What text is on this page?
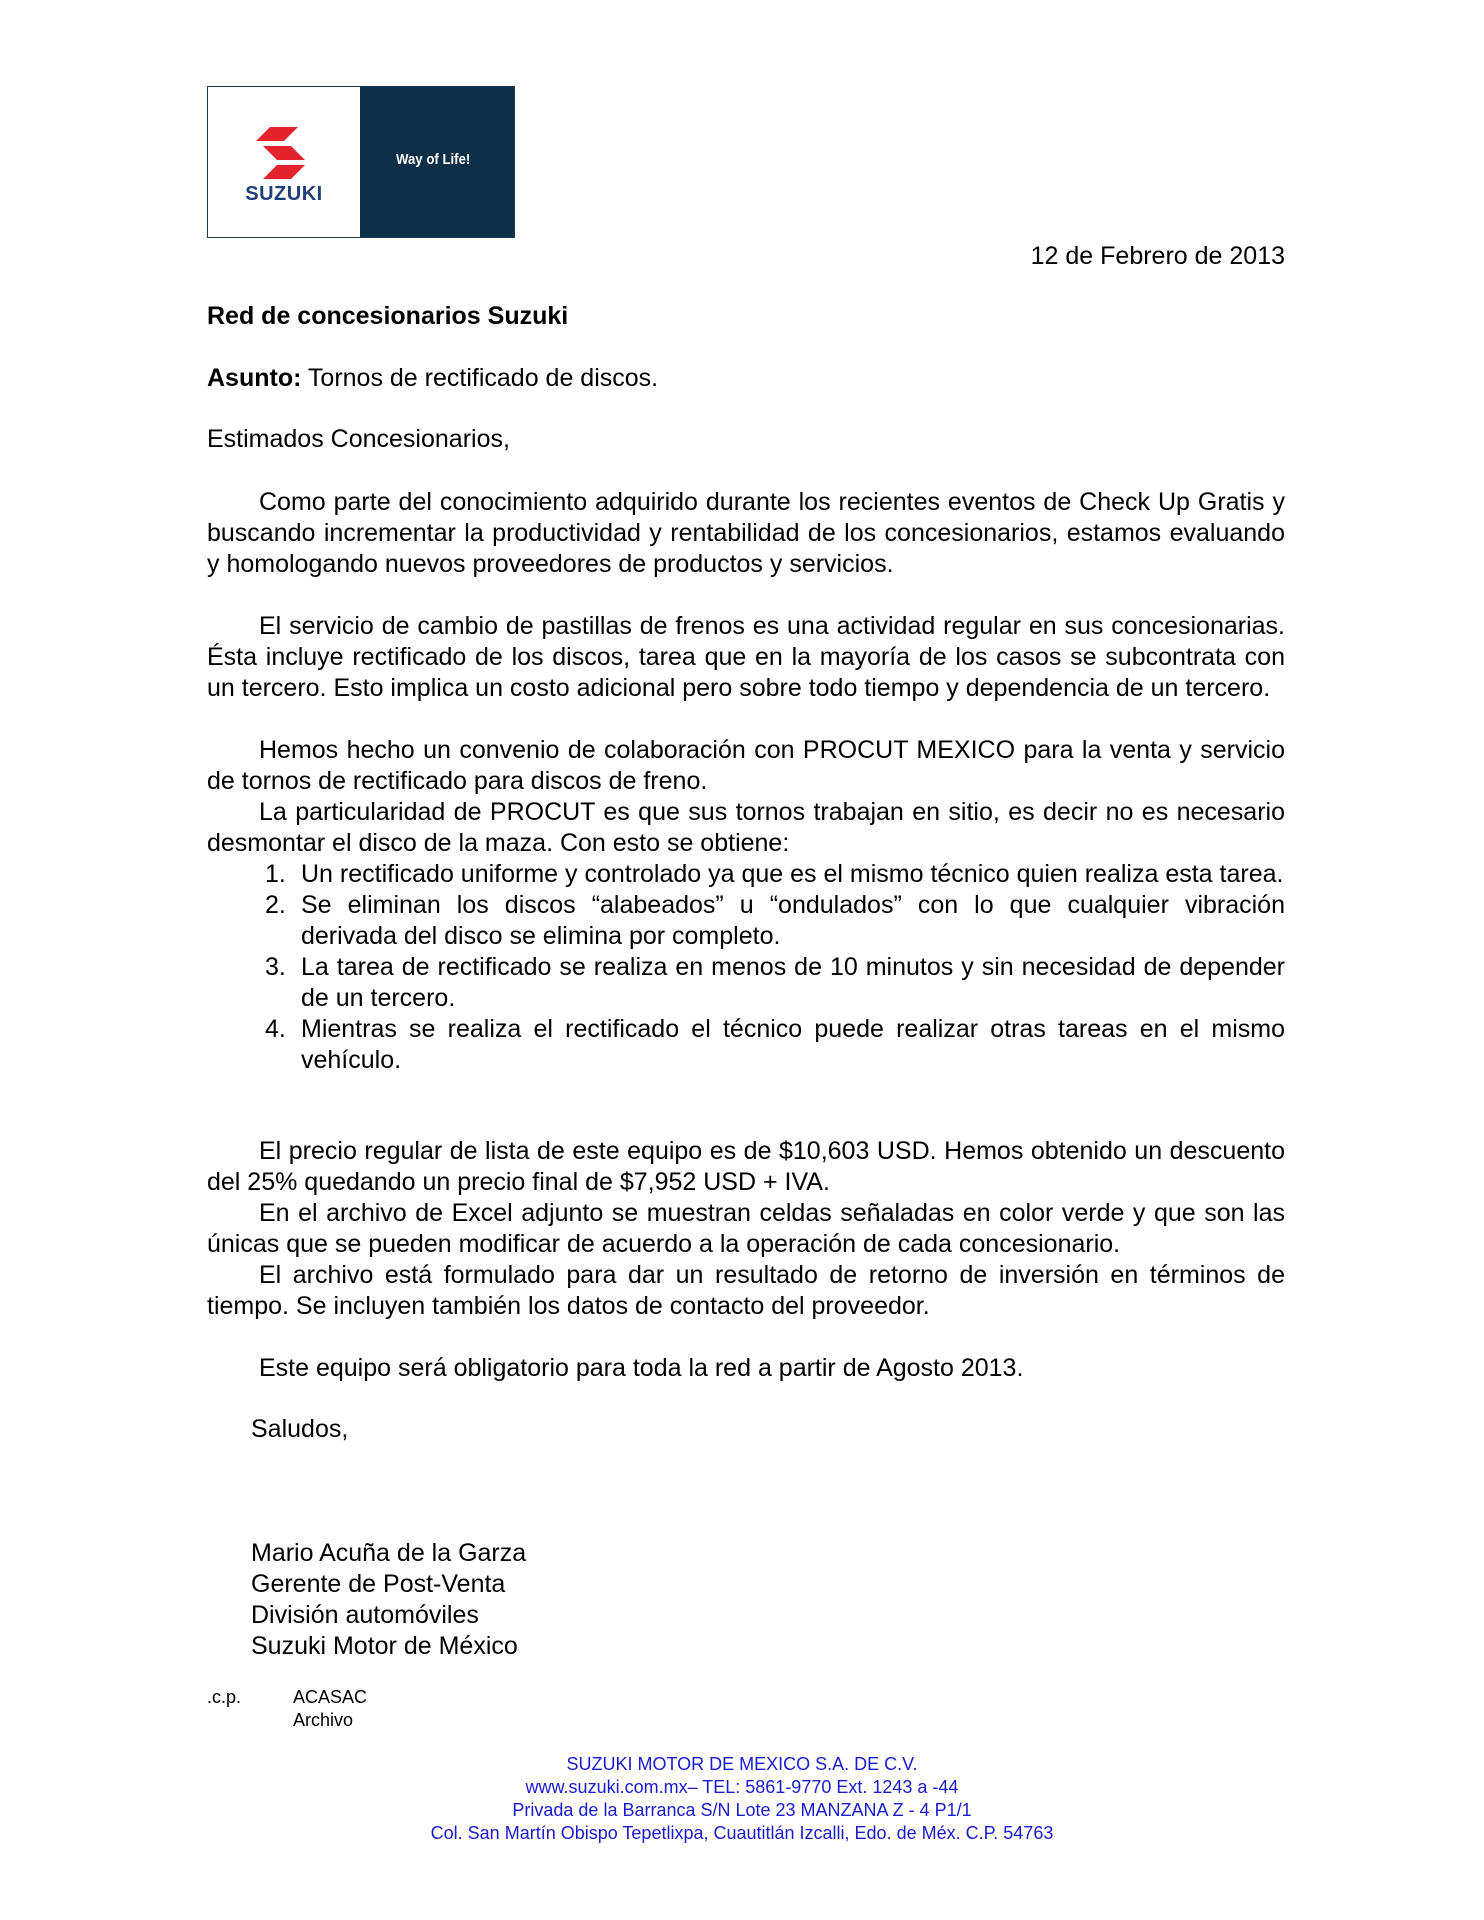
SUZUKI
Way of Life!
12 de Febrero de 2013
Red de concesionarios Suzuki
Asunto: Tornos de rectificado de discos.
Estimados Concesionarios,

Como parte del conocimiento adquirido durante los recientes eventos de Check Up Gratis y buscando incrementar la productividad y rentabilidad de los concesionarios, estamos evaluando y homologando nuevos proveedores de productos y servicios.

El servicio de cambio de pastillas de frenos es una actividad regular en sus concesionarias. Ésta incluye rectificado de los discos, tarea que en la mayoría de los casos se subcontrata con un tercero. Esto implica un costo adicional pero sobre todo tiempo y dependencia de un tercero.

Hemos hecho un convenio de colaboración con PROCUT MEXICO para la venta y servicio de tornos de rectificado para discos de freno.

La particularidad de PROCUT es que sus tornos trabajan en sitio, es decir no es necesario desmontar el disco de la maza. Con esto se obtiene:

1. Un rectificado uniforme y controlado ya que es el mismo técnico quien realiza esta tarea.
2. Se eliminan los discos “alabeados” u “ondulados” con lo que cualquier vibración derivada del disco se elimina por completo.
3. La tarea de rectificado se realiza en menos de 10 minutos y sin necesidad de depender de un tercero.
4. Mientras se realiza el rectificado el técnico puede realizar otras tareas en el mismo vehículo.

El precio regular de lista de este equipo es de $10,603 USD. Hemos obtenido un descuento del 25% quedando un precio final de $7,952 USD + IVA.

En el archivo de Excel adjunto se muestran celdas señaladas en color verde y que son las únicas que se pueden modificar de acuerdo a la operación de cada concesionario.

El archivo está formulado para dar un resultado de retorno de inversión en términos de tiempo. Se incluyen también los datos de contacto del proveedor.

Este equipo será obligatorio para toda la red a partir de Agosto 2013.
Saludos,
Mario Acuña de la Garza
Gerente de Post-Venta
División automóviles
Suzuki Motor de México
.c.p.	ACASAC
Archivo
SUZUKI MOTOR DE MEXICO S.A. DE C.V.
www.suzuki.com.mx– TEL: 5861-9770 Ext. 1243 a -44
Privada de la Barranca S/N Lote 23 MANZANA Z - 4 P1/1
Col. San Martín Obispo Tepetlixpa, Cuautitlán Izcalli, Edo. de Méx. C.P. 54763
